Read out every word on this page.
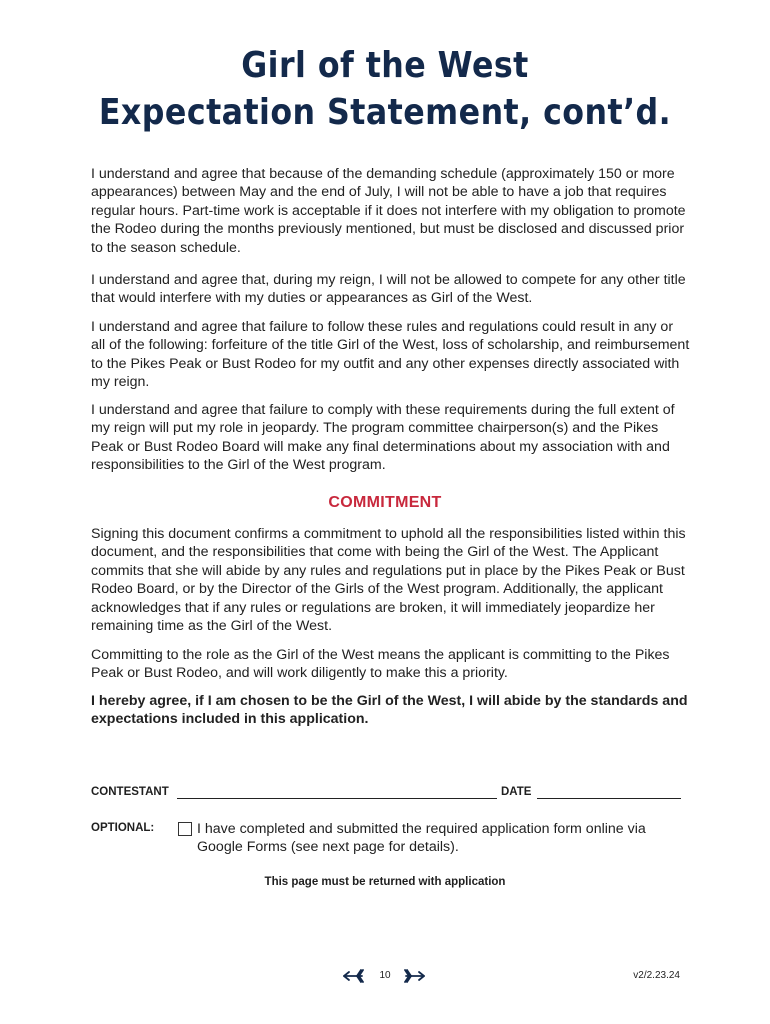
Girl of the West
Expectation Statement, cont’d.

I understand and agree that because of the demanding schedule (approximately 150 or more appearances) between May and the end of July, I will not be able to have a job that requires regular hours. Part-time work is acceptable if it does not interfere with my obligation to promote the Rodeo during the months previously mentioned, but must be disclosed and discussed prior to the season schedule.

I understand and agree that, during my reign, I will not be allowed to compete for any other title that would interfere with my duties or appearances as Girl of the West.

I understand and agree that failure to follow these rules and regulations could result in any or all of the following: forfeiture of the title Girl of the West, loss of scholarship, and reimbursement to the Pikes Peak or Bust Rodeo for my outfit and any other expenses directly associated with my reign.

I understand and agree that failure to comply with these requirements during the full extent of my reign will put my role in jeopardy. The program committee chairperson(s) and the Pikes Peak or Bust Rodeo Board will make any final determinations about my association with and responsibilities to the Girl of the West program.

COMMITMENT

Signing this document confirms a commitment to uphold all the responsibilities listed within this document, and the responsibilities that come with being the Girl of the West. The Applicant commits that she will abide by any rules and regulations put in place by the Pikes Peak or Bust Rodeo Board, or by the Director of the Girls of the West program. Additionally, the applicant acknowledges that if any rules or regulations are broken, it will immediately jeopardize her remaining time as the Girl of the West.

Committing to the role as the Girl of the West means the applicant is committing to the Pikes Peak or Bust Rodeo, and will work diligently to make this a priority.

I hereby agree, if I am chosen to be the Girl of the West, I will abide by the standards and expectations included in this application.

CONTESTANT	DATE
OPTIONAL:	I have completed and submitted the required application form online via Google Forms (see next page for details).
This page must be returned with application
10	v2/2.23.24
